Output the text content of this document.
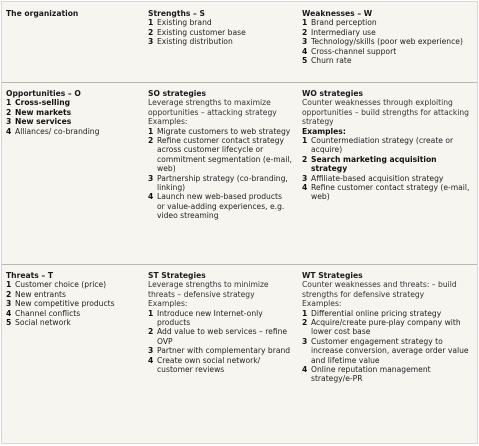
The organization	Strengths – S
1 Existing brand
2 Existing customer base
3 Existing distribution
Weaknesses – W
1 Brand perception
2 Intermediary use
3 Technology/skills (poor web experience)
4 Cross-channel support
5 Churn rate
Opportunities – O
1 Cross-selling
2 New markets
3 New services
4 Alliances/ co-branding
SO strategies
Leverage strengths to maximize opportunities – attacking strategy
Examples:
1 Migrate customers to web strategy
2 Refine customer contact strategy across customer lifecycle or commitment segmentation (e-mail, web)
3 Partnership strategy (co-branding, linking)
4 Launch new web-based products or value-adding experiences, e.g. video streaming
WO strategies
Counter weaknesses through exploiting opportunities – build strengths for attacking strategy
Examples:
1 Countermediation strategy (create or acquire)
2 Search marketing acquisition strategy
3 Affiliate-based acquisition strategy
4 Refine customer contact strategy (e-mail, web)
Threats – T
1 Customer choice (price)
2 New entrants
3 New competitive products
4 Channel conflicts
5 Social network
ST Strategies
Leverage strengths to minimize threats – defensive strategy
Examples:
1 Introduce new Internet-only products
2 Add value to web services – refine OVP
3 Partner with complementary brand
4 Create own social network/ customer reviews
WT Strategies
Counter weaknesses and threats: – build strengths for defensive strategy
Examples:
1 Differential online pricing strategy
2 Acquire/create pure-play company with lower cost base
3 Customer engagement strategy to increase conversion, average order value and lifetime value
4 Online reputation management strategy/e-PR
